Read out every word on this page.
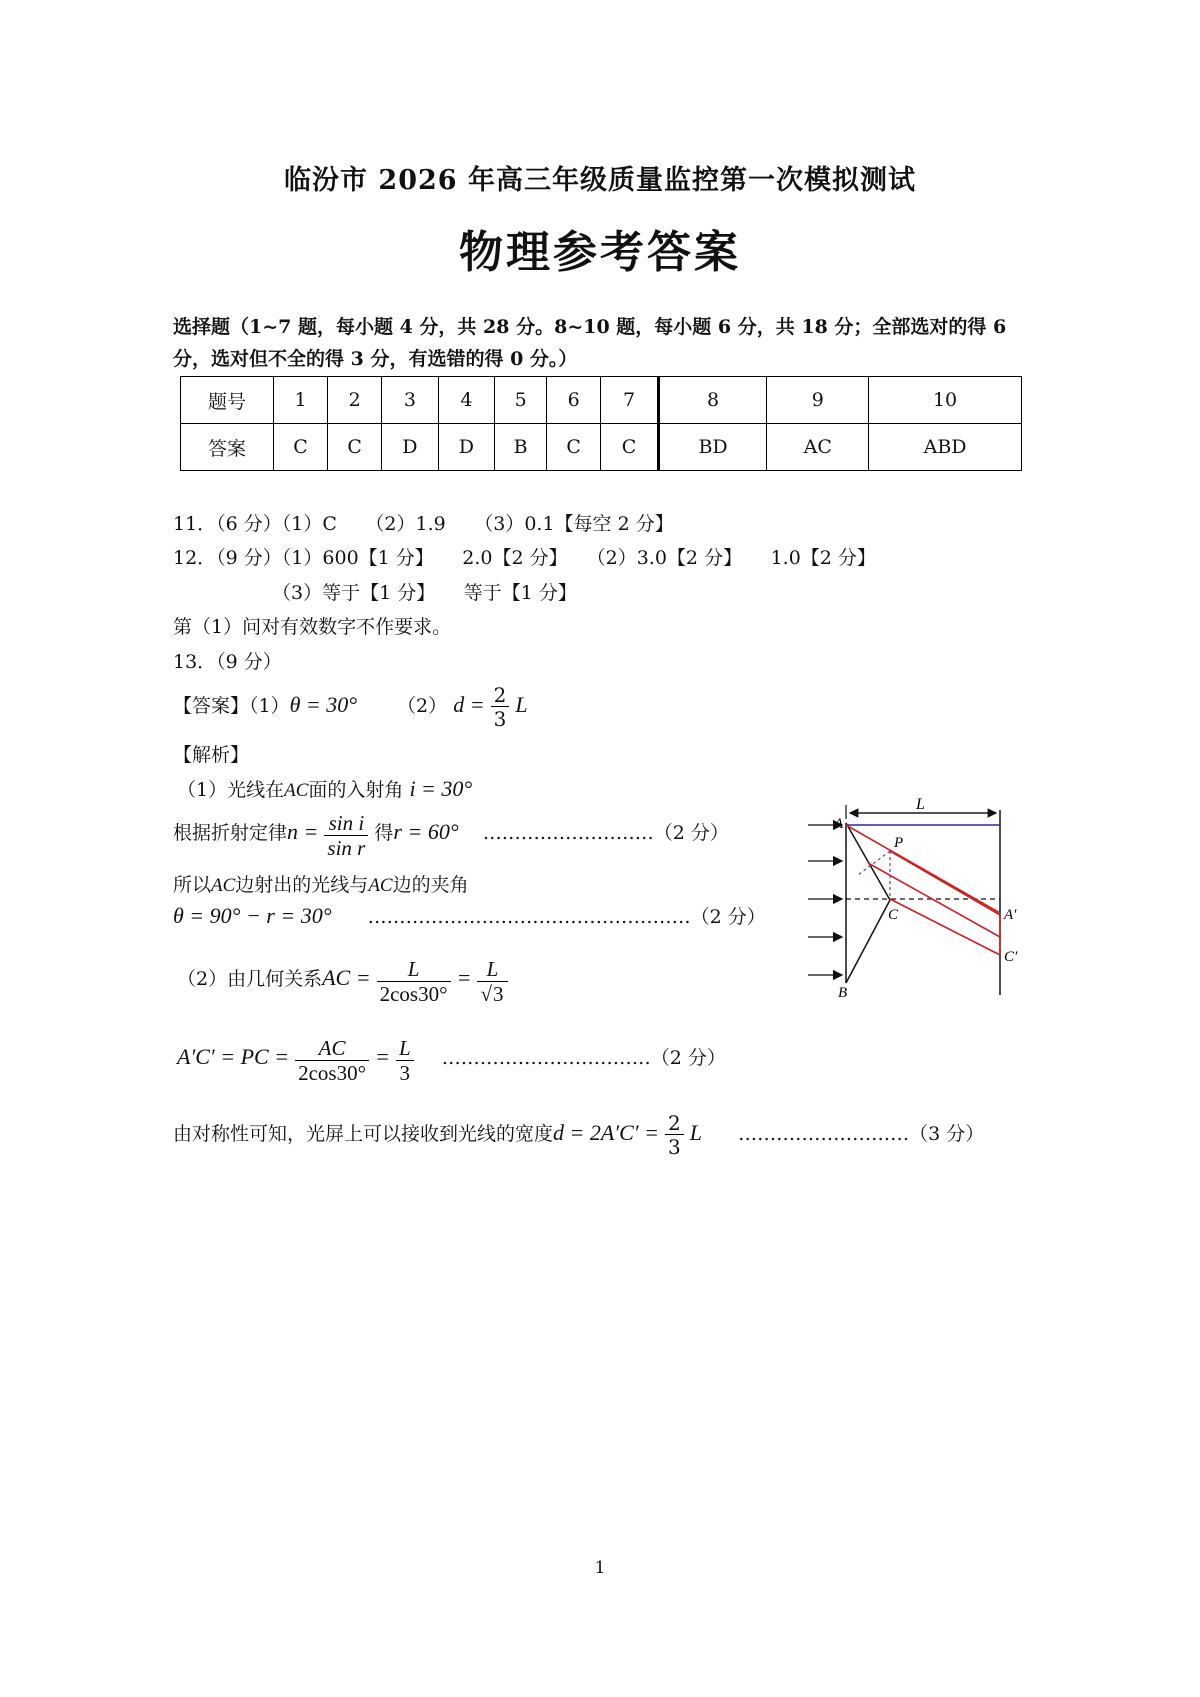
临汾市 2026 年高三年级质量监控第一次模拟测试
物理参考答案
选择题（1~7 题，每小题 4 分，共 28 分。8~10 题，每小题 6 分，共 18 分；全部选对的得 6
分，选对但不全的得 3 分，有选错的得 0 分。）
题号	1	2	3	4	5	6	7	8	9	10
答案	C	C	D	D	B	C	C	BD	AC	ABD
11．（6 分）（1）C　　（2）1.9　　（3）0.1【每空 2 分】
12．（9 分）（1）600【1 分】　　2.0【2 分】　　（2）3.0【2 分】　　1.0【2 分】
（3）等于【1 分】　　等于【1 分】
第（1）问对有效数字不作要求。
13．（9 分）
【答案】（1）θ = 30° （2） $d = \frac{2}{3}$ L
【解析】
（1）光线在AC面的入射角 i = 30°
根据折射定律$n = \frac{\text{sin i}}{\text{sin r}}$ 得r = 60° ………………………（2 分）
所以AC边射出的光线与AC边的夹角
θ = 90° − r = 30° ……………………………………………（2 分）
（2）由几何关系AC = $\frac{L}{2\cos 30^\circ} = \frac{L}{√3}$
A′C′ = PC = $\frac{AC}{2\cos 30^\circ} = \frac{L}{3}$ ……………………………（2 分）
由对称性可知，光屏上可以接收到光线的宽度$d = 2A'C' = \frac{2}{3}$ L ………………………（3 分）
A
L
P
C	A′
C′
B
1
